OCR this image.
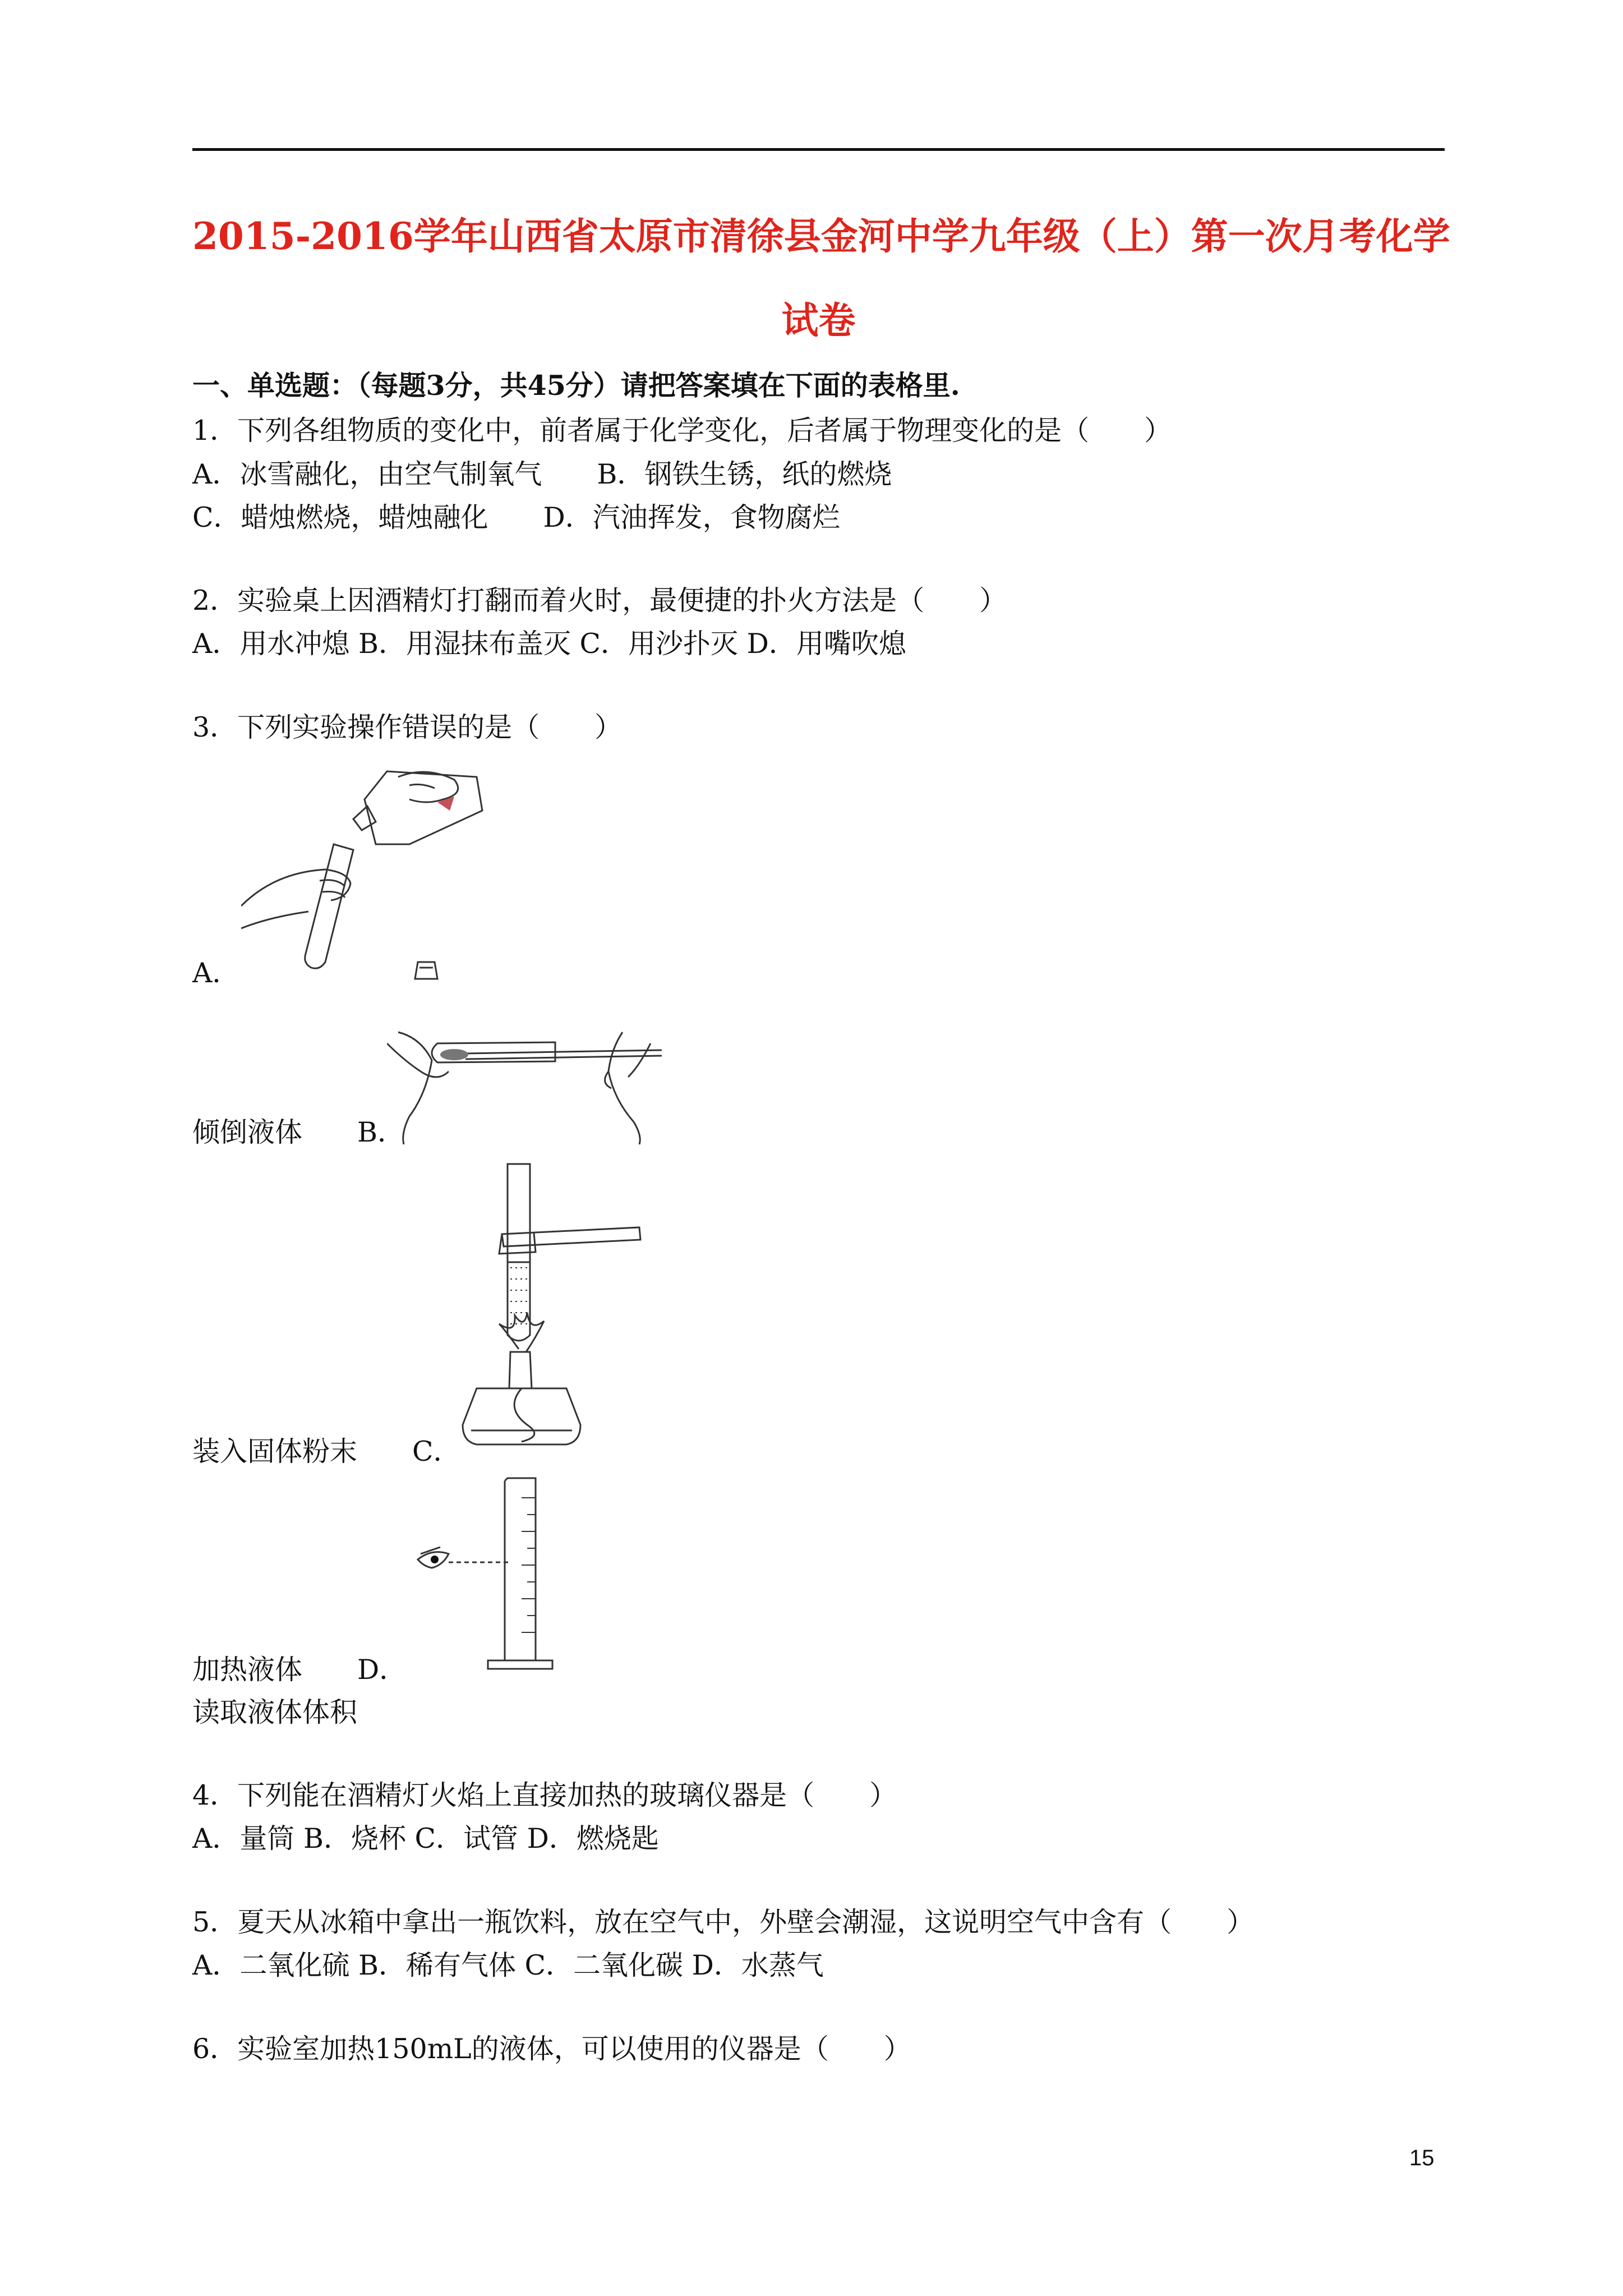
2015-2016学年山西省太原市清徐县金河中学九年级（上）第一次月考化学
试卷
一、单选题：（每题3分，共45分）请把答案填在下面的表格里.
1．下列各组物质的变化中，前者属于化学变化，后者属于物理变化的是（　　）
A．冰雪融化，由空气制氧气　　B．钢铁生锈，纸的燃烧
C．蜡烛燃烧，蜡烛融化　　D．汽油挥发，食物腐烂
2．实验桌上因酒精灯打翻而着火时，最便捷的扑火方法是（　　）
A．用水冲熄 B．用湿抹布盖灭 C．用沙扑灭 D．用嘴吹熄
3．下列实验操作错误的是（　　）
A．
倾倒液体　　B．
装入固体粉末　　C．
加热液体　　D．
读取液体体积
4．下列能在酒精灯火焰上直接加热的玻璃仪器是（　　）
A．量筒 B．烧杯 C．试管 D．燃烧匙
5．夏天从冰箱中拿出一瓶饮料，放在空气中，外壁会潮湿，这说明空气中含有（　　）
A．二氧化硫 B．稀有气体 C．二氧化碳 D．水蒸气
6．实验室加热150mL的液体，可以使用的仪器是（　　）
15
